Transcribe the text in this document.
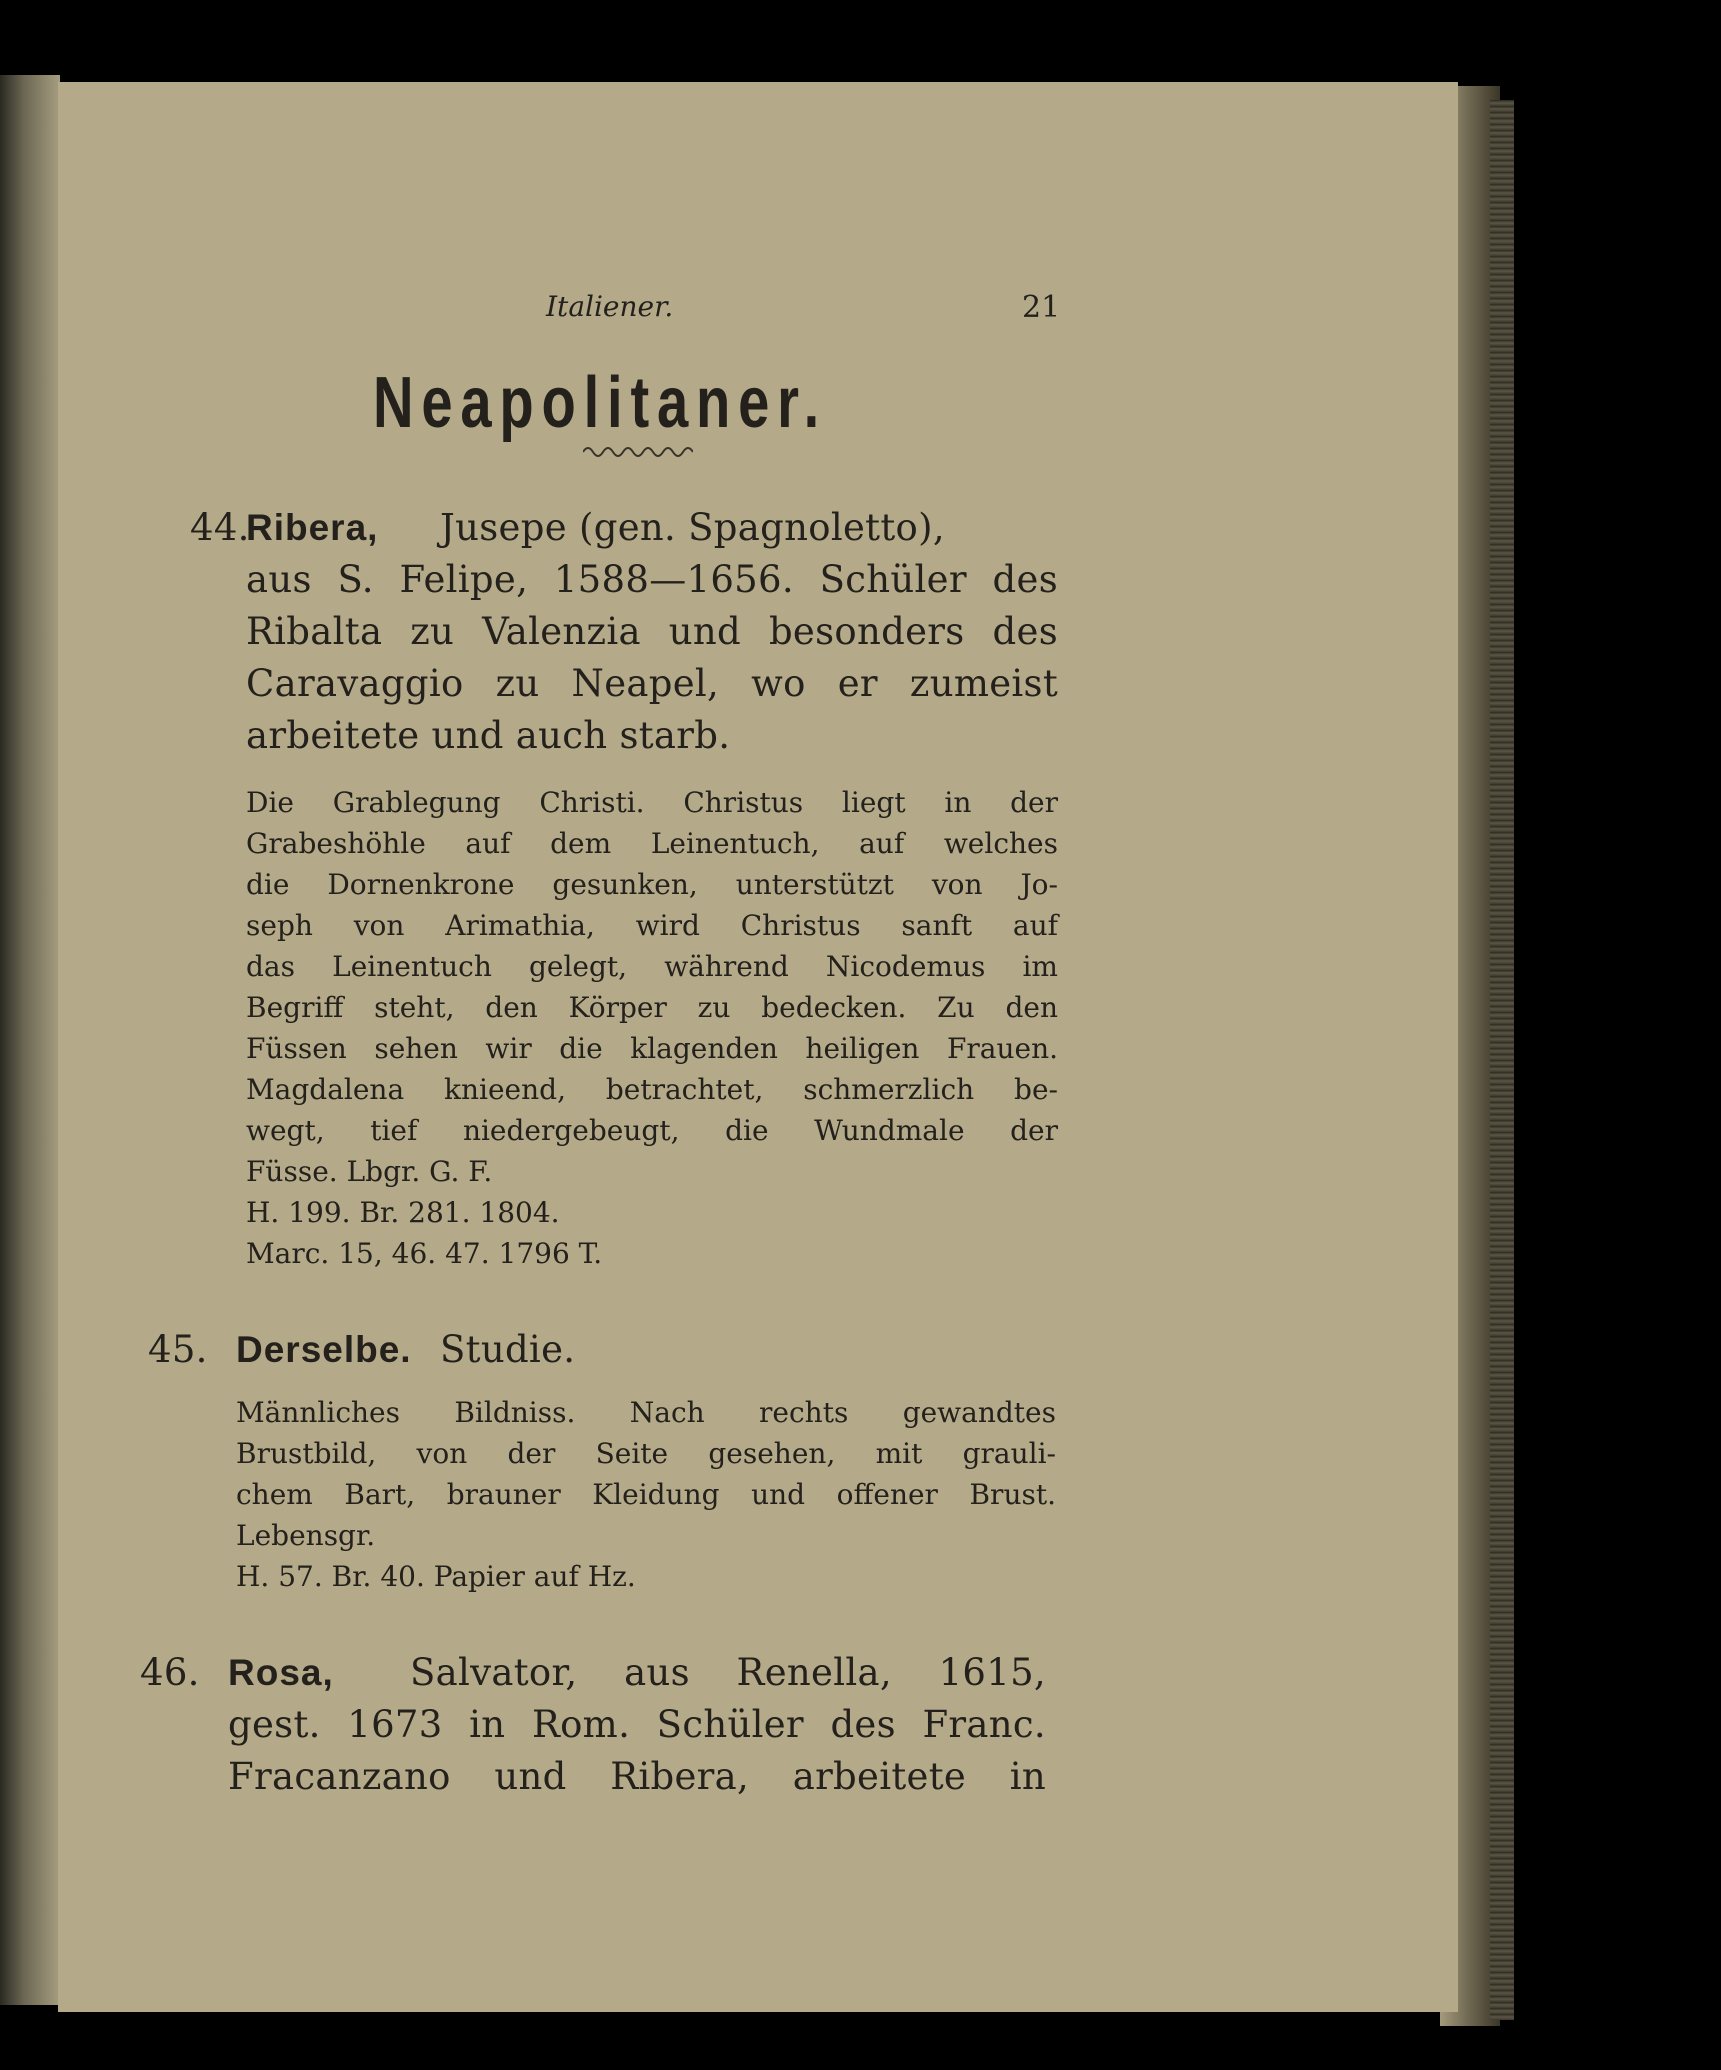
Italiener.	21

Neapolitaner.

44.

Ribera, Jusepe (gen. Spagnoletto),

aus S. Felipe, 1588—1656. Schüler des

Ribalta zu Valenzia und besonders des

Caravaggio zu Neapel, wo er zumeist

arbeitete und auch starb.

Die Grablegung Christi. Christus liegt in der

Grabeshöhle auf dem Leinentuch, auf welches

die Dornenkrone gesunken, unterstützt von Jo-

seph von Arimathia, wird Christus sanft auf

das Leinentuch gelegt, während Nicodemus im

Begriff steht, den Körper zu bedecken. Zu den

Füssen sehen wir die klagenden heiligen Frauen.

Magdalena knieend, betrachtet, schmerzlich be-

wegt, tief niedergebeugt, die Wundmale der

Füsse. Lbgr. G. F.

H. 199. Br. 281. 1804.

Marc. 15, 46. 47. 1796 T.

45. Derselbe. Studie.

Männliches Bildniss. Nach rechts gewandtes

Brustbild, von der Seite gesehen, mit grauli-

chem Bart, brauner Kleidung und offener Brust.

Lebensgr.

H. 57. Br. 40. Papier auf Hz.

46. Rosa, Salvator, aus Renella, 1615,

gest. 1673 in Rom. Schüler des Franc.

Fracanzano und Ribera, arbeitete in
